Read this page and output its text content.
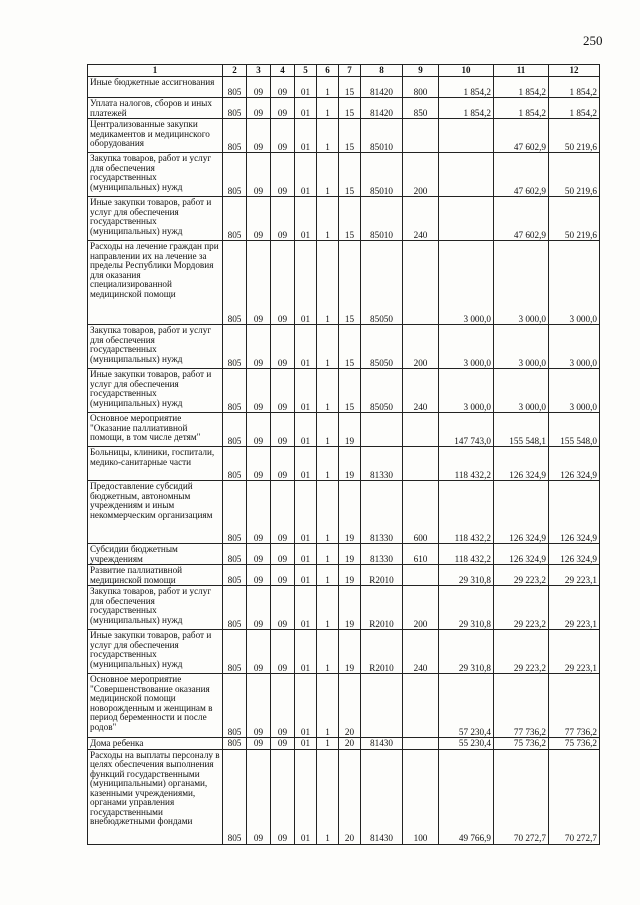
250
1	2	3	4	5	6	7	8	9	10	11	12
Иные бюджетные ассигнования	805	09	09	01	1	15	81420	800	1 854,2	1 854,2	1 854,2
Уплата налогов, сборов и иных платежей	805	09	09	01	1	15	81420	850	1 854,2	1 854,2	1 854,2
Централизованные закупки медикаментов и медицинского оборудования	805	09	09	01	1	15	85010			47 602,9	50 219,6
Закупка товаров, работ и услуг для обеспечения государственных (муниципальных) нужд	805	09	09	01	1	15	85010	200		47 602,9	50 219,6
Иные закупки товаров, работ и услуг для обеспечения государственных (муниципальных) нужд	805	09	09	01	1	15	85010	240		47 602,9	50 219,6
Расходы на лечение граждан при направлении их на лечение за пределы Республики Мордовия для оказания специализированной медицинской помощи	805	09	09	01	1	15	85050		3 000,0	3 000,0	3 000,0
Закупка товаров, работ и услуг для обеспечения государственных (муниципальных) нужд	805	09	09	01	1	15	85050	200	3 000,0	3 000,0	3 000,0
Иные закупки товаров, работ и услуг для обеспечения государственных (муниципальных) нужд	805	09	09	01	1	15	85050	240	3 000,0	3 000,0	3 000,0
Основное мероприятие "Оказание паллиативной помощи, в том числе детям"	805	09	09	01	1	19			147 743,0	155 548,1	155 548,0
Больницы, клиники, госпитали, медико-санитарные части	805	09	09	01	1	19	81330		118 432,2	126 324,9	126 324,9
Предоставление субсидий бюджетным, автономным учреждениям и иным некоммерческим организациям	805	09	09	01	1	19	81330	600	118 432,2	126 324,9	126 324,9
Субсидии бюджетным учреждениям	805	09	09	01	1	19	81330	610	118 432,2	126 324,9	126 324,9
Развитие паллиативной медицинской помощи	805	09	09	01	1	19	R2010		29 310,8	29 223,2	29 223,1
Закупка товаров, работ и услуг для обеспечения государственных (муниципальных) нужд	805	09	09	01	1	19	R2010	200	29 310,8	29 223,2	29 223,1
Иные закупки товаров, работ и услуг для обеспечения государственных (муниципальных) нужд	805	09	09	01	1	19	R2010	240	29 310,8	29 223,2	29 223,1
Основное мероприятие "Совершенствование оказания медицинской помощи новорожденным и женщинам в период беременности и после родов"	805	09	09	01	1	20			57 230,4	77 736,2	77 736,2
Дома ребенка	805	09	09	01	1	20	81430		55 230,4	75 736,2	75 736,2
Расходы на выплаты персоналу в целях обеспечения выполнения функций государственными (муниципальными) органами, казенными учреждениями, органами управления государственными внебюджетными фондами	805	09	09	01	1	20	81430	100	49 766,9	70 272,7	70 272,7
